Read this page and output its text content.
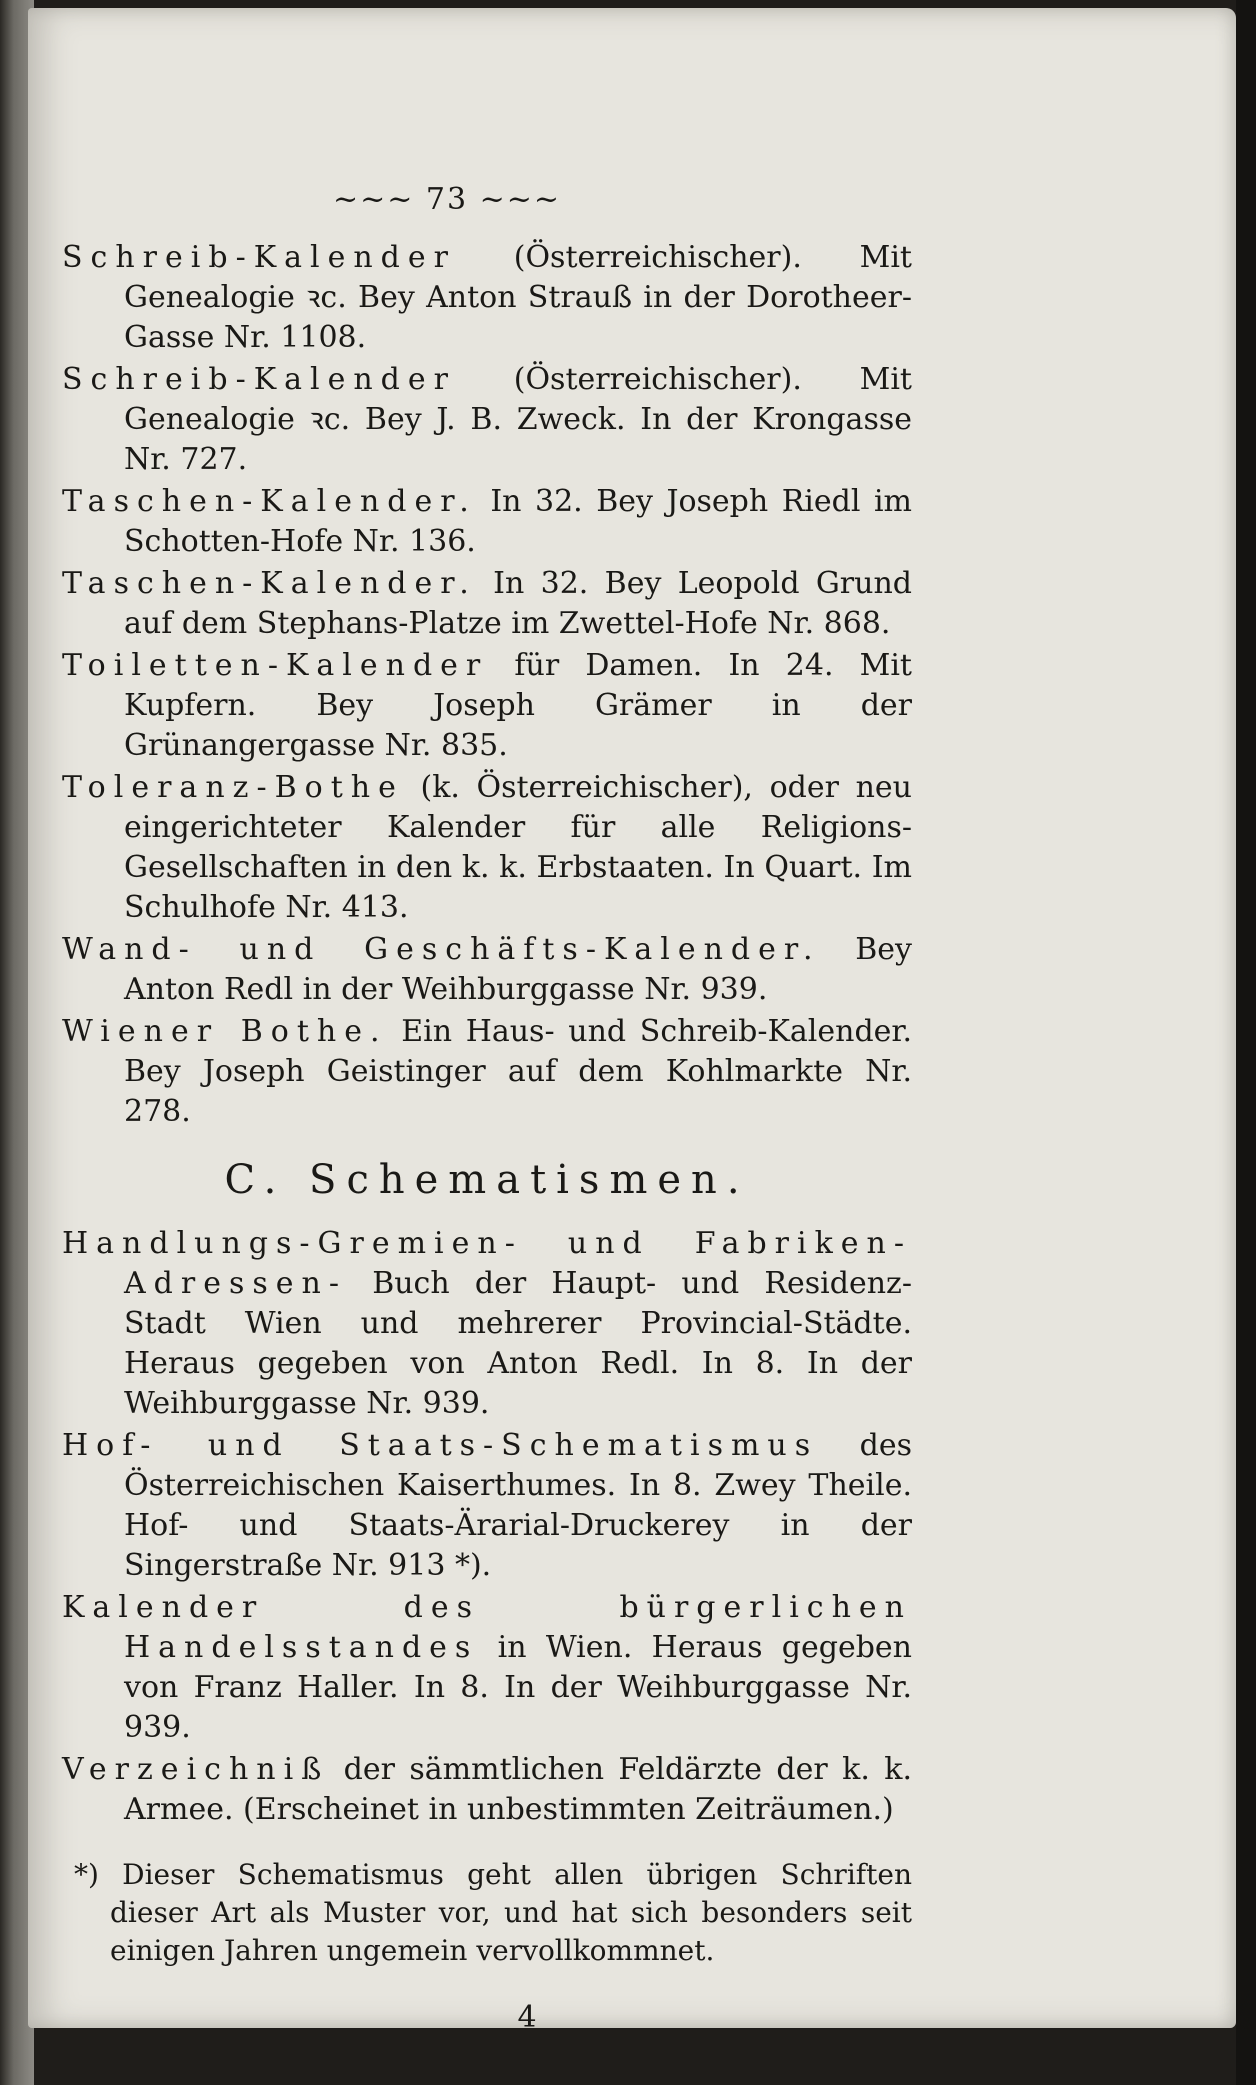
~~~ 73 ~~~

Schreib-Kalender (Österreichischer). Mit Genealogie ꝛc. Bey Anton Strauß in der Dorotheer-Gasse Nr. 1108.

Schreib-Kalender (Österreichischer). Mit Genealogie ꝛc. Bey J. B. Zweck. In der Krongasse Nr. 727.

Taschen-Kalender. In 32. Bey Joseph Riedl im Schotten-Hofe Nr. 136.

Taschen-Kalender. In 32. Bey Leopold Grund auf dem Stephans-Platze im Zwettel-Hofe Nr. 868.

Toiletten-Kalender für Damen. In 24. Mit Kupfern. Bey Joseph Grämer in der Grünangergasse Nr. 835.

Toleranz-Bothe (k. Österreichischer), oder neu eingerichteter Kalender für alle Religions-Gesellschaften in den k. k. Erbstaaten. In Quart. Im Schulhofe Nr. 413.

Wand- und Geschäfts-Kalender. Bey Anton Redl in der Weihburggasse Nr. 939.

Wiener Bothe. Ein Haus- und Schreib-Kalender. Bey Joseph Geistinger auf dem Kohlmarkte Nr. 278.

C. Schematismen.

Handlungs-Gremien- und Fabriken-Adressen- Buch der Haupt- und Residenz-Stadt Wien und mehrerer Provincial-Städte. Heraus gegeben von Anton Redl. In 8. In der Weihburggasse Nr. 939.

Hof- und Staats-Schematismus des Österreichischen Kaiserthumes. In 8. Zwey Theile. Hof- und Staats-Ärarial-Druckerey in der Singerstraße Nr. 913 *).

Kalender des bürgerlichen Handelsstandes in Wien. Heraus gegeben von Franz Haller. In 8. In der Weihburggasse Nr. 939.

Verzeichniß der sämmtlichen Feldärzte der k. k. Armee. (Erscheinet in unbestimmten Zeiträumen.)

*) Dieser Schematismus geht allen übrigen Schriften dieser Art als Muster vor, und hat sich besonders seit einigen Jahren ungemein vervollkommnet.

4
